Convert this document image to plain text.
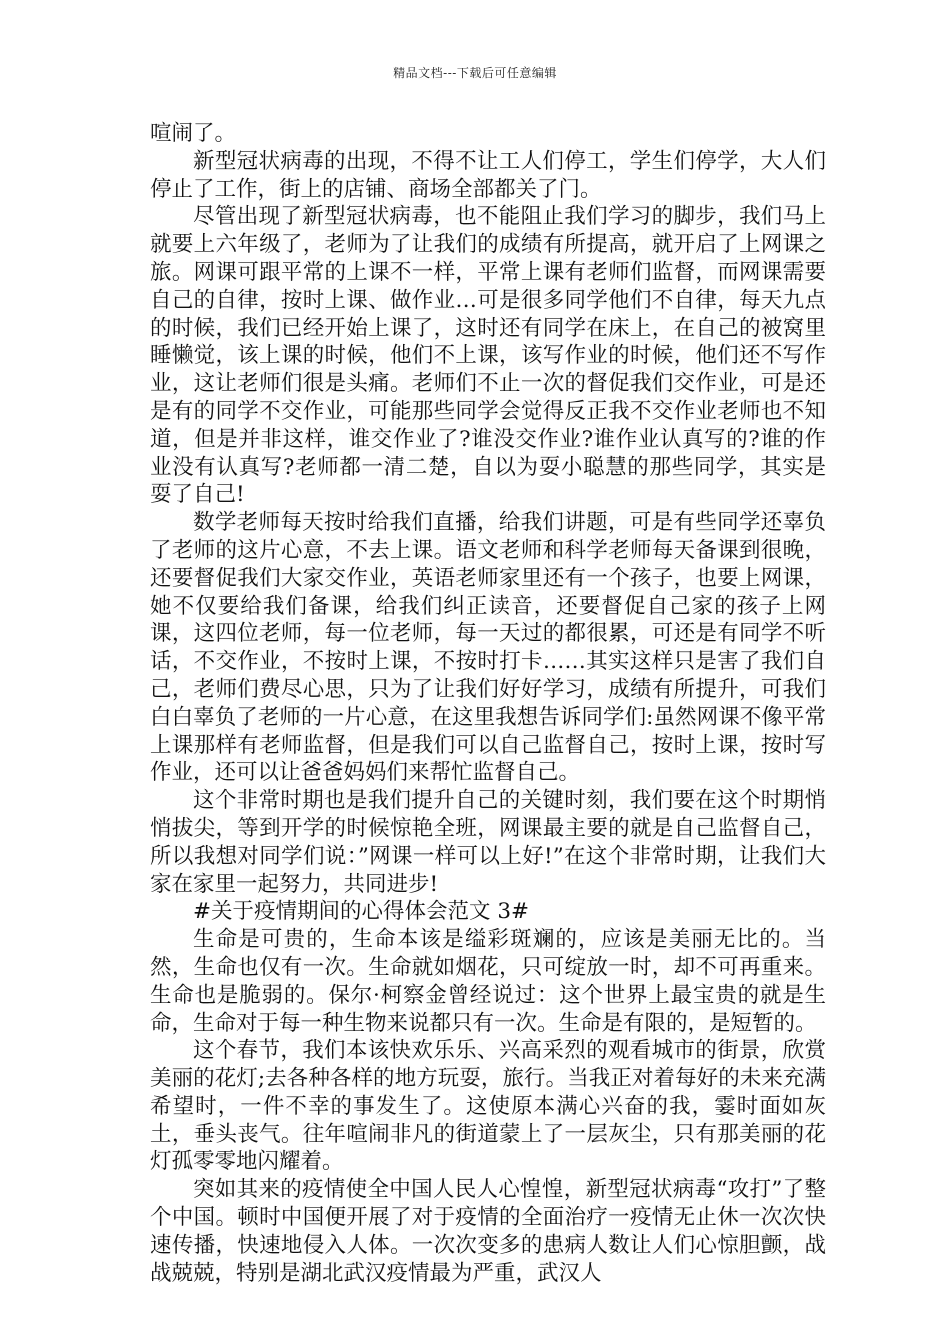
精品文档---下载后可任意编辑

喧闹了。

新型冠状病毒的出现，不得不让工人们停工，学生们停学，大人们停止了工作，街上的店铺、商场全部都关了门。

尽管出现了新型冠状病毒，也不能阻止我们学习的脚步，我们马上就要上六年级了，老师为了让我们的成绩有所提高，就开启了上网课之旅。网课可跟平常的上课不一样，平常上课有老师们监督，而网课需要自己的自律，按时上课、做作业…可是很多同学他们不自律，每天九点的时候，我们已经开始上课了，这时还有同学在床上，在自己的被窝里睡懒觉，该上课的时候，他们不上课，该写作业的时候，他们还不写作业，这让老师们很是头痛。老师们不止一次的督促我们交作业，可是还是有的同学不交作业，可能那些同学会觉得反正我不交作业老师也不知道，但是并非这样，谁交作业了?谁没交作业?谁作业认真写的?谁的作业没有认真写?老师都一清二楚，自以为耍小聪慧的那些同学，其实是耍了自己!

数学老师每天按时给我们直播，给我们讲题，可是有些同学还辜负了老师的这片心意，不去上课。语文老师和科学老师每天备课到很晚，还要督促我们大家交作业，英语老师家里还有一个孩子，也要上网课，她不仅要给我们备课，给我们纠正读音，还要督促自己家的孩子上网课，这四位老师，每一位老师，每一天过的都很累，可还是有同学不听话，不交作业，不按时上课，不按时打卡……其实这样只是害了我们自己，老师们费尽心思，只为了让我们好好学习，成绩有所提升，可我们白白辜负了老师的一片心意，在这里我想告诉同学们:虽然网课不像平常上课那样有老师监督，但是我们可以自己监督自己，按时上课，按时写作业，还可以让爸爸妈妈们来帮忙监督自己。

这个非常时期也是我们提升自己的关键时刻，我们要在这个时期悄悄拔尖，等到开学的时候惊艳全班，网课最主要的就是自己监督自己，所以我想对同学们说：”网课一样可以上好!”在这个非常时期，让我们大家在家里一起努力，共同进步!

#关于疫情期间的心得体会范文 3#

生命是可贵的，生命本该是缢彩斑斓的，应该是美丽无比的。当然，生命也仅有一次。生命就如烟花，只可绽放一时，却不可再重来。生命也是脆弱的。保尔·柯察金曾经说过：这个世界上最宝贵的就是生命，生命对于每一种生物来说都只有一次。生命是有限的，是短暂的。

这个春节，我们本该快欢乐乐、兴高采烈的观看城市的街景，欣赏美丽的花灯;去各种各样的地方玩耍，旅行。当我正对着每好的未来充满希望时，一件不幸的事发生了。这使原本满心兴奋的我，霎时面如灰土，垂头丧气。往年喧闹非凡的街道蒙上了一层灰尘，只有那美丽的花灯孤零零地闪耀着。

突如其来的疫情使全中国人民人心惶惶，新型冠状病毒“攻打”了整个中国。顿时中国便开展了对于疫情的全面治疗一疫情无止休一次次快速传播，快速地侵入人体。一次次变多的患病人数让人们心惊胆颤，战战兢兢，特别是湖北武汉疫情最为严重，武汉人
